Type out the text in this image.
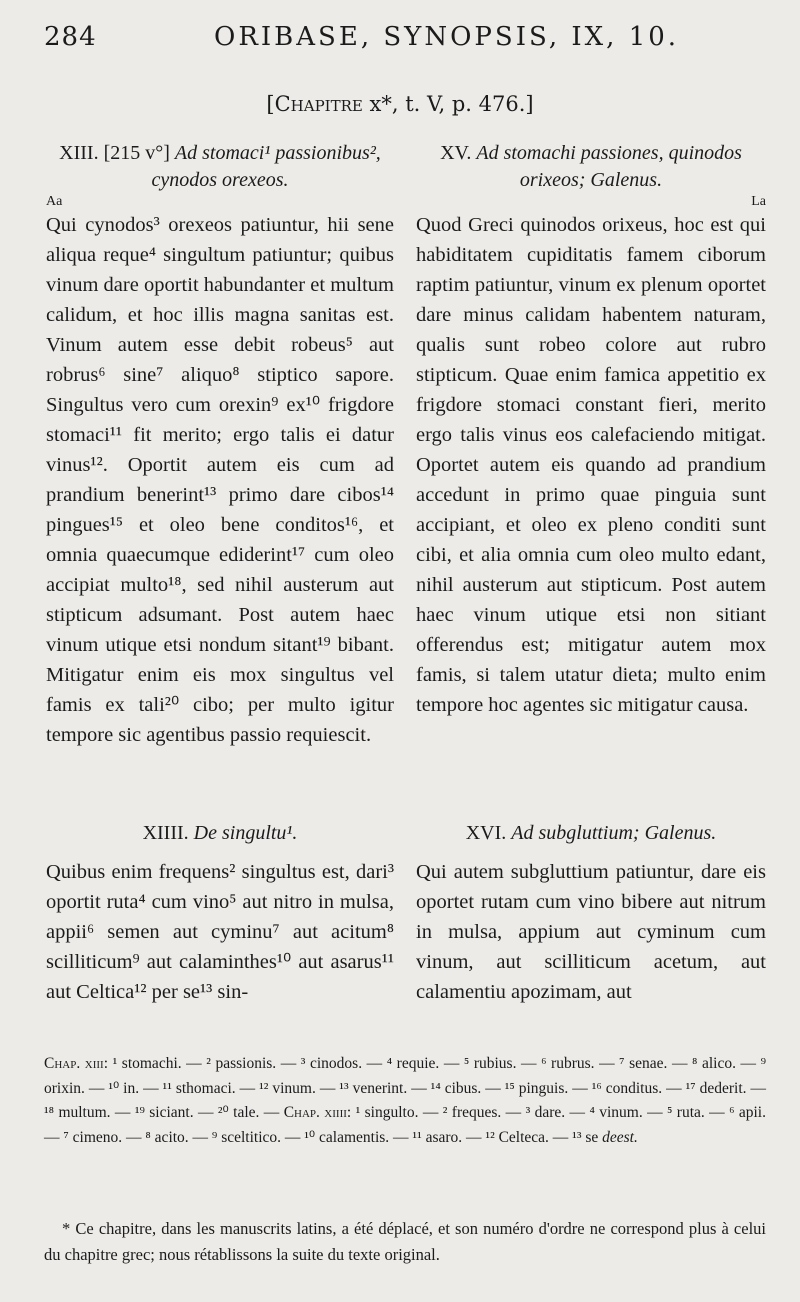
284	ORIBASE, SYNOPSIS, IX, 10.
[Chapitre x*, t. V, p. 476.]
XIII. [215 v°] Ad stomaci¹ passionibus², cynodos orexeos.
Aa

Qui cynodos³ orexeos patiuntur, hii sene aliqua reque⁴ singultum patiuntur; quibus vinum dare oportit habundanter et multum calidum, et hoc illis magna sanitas est. Vinum autem esse debit robeus⁵ aut robrus⁶ sine⁷ aliquo⁸ stiptico sapore. Singultus vero cum orexin⁹ ex¹⁰ frigdore stomaci¹¹ fit merito; ergo talis ei datur vinus¹². Oportit autem eis cum ad prandium benerint¹³ primo dare cibos¹⁴ pingues¹⁵ et oleo bene conditos¹⁶, et omnia quaecumque ediderint¹⁷ cum oleo accipiat multo¹⁸, sed nihil austerum aut stipticum adsumant. Post autem haec vinum utique etsi nondum sitant¹⁹ bibant. Mitigatur enim eis mox singultus vel famis ex tali²⁰ cibo; per multo igitur tempore sic agentibus passio requiescit.

XIIII. De singultu¹.

Quibus enim frequens² singultus est, dari³ oportit ruta⁴ cum vino⁵ aut nitro in mulsa, appii⁶ semen aut cyminu⁷ aut acitum⁸ scilliticum⁹ aut calaminthes¹⁰ aut asarus¹¹ aut Celtica¹² per se¹³ sin-

XV. Ad stomachi passiones, quinodos orixeos; Galenus.
La

Quod Greci quinodos orixeus, hoc est qui habiditatem cupiditatis famem ciborum raptim patiuntur, vinum ex plenum oportet dare minus calidam habentem naturam, qualis sunt robeo colore aut rubro stipticum. Quae enim famica appetitio ex frigdore stomaci constant fieri, merito ergo talis vinus eos calefaciendo mitigat. Oportet autem eis quando ad prandium accedunt in primo quae pinguia sunt accipiant, et oleo ex pleno conditi sunt cibi, et alia omnia cum oleo multo edant, nihil austerum aut stipticum. Post autem haec vinum utique etsi non sitiant offerendus est; mitigatur autem mox famis, si talem utatur dieta; multo enim tempore hoc agentes sic mitigatur causa.

XVI. Ad subgluttium; Galenus.

Qui autem subgluttium patiuntur, dare eis oportet rutam cum vino bibere aut nitrum in mulsa, appium aut cyminum cum vinum, aut scilliticum acetum, aut calamentiu apozimam, aut

Chap. xiii: ¹ stomachi. — ² passionis. — ³ cinodos. — ⁴ requie. — ⁵ rubius. — ⁶ rubrus. — ⁷ senae. — ⁸ alico. — ⁹ orixin. — ¹⁰ in. — ¹¹ sthomaci. — ¹² vinum. — ¹³ venerint. — ¹⁴ cibus. — ¹⁵ pinguis. — ¹⁶ conditus. — ¹⁷ dederit. — ¹⁸ multum. — ¹⁹ siciant. — ²⁰ tale. — Chap. xiiii: ¹ singulto. — ² freques. — ³ dare. — ⁴ vinum. — ⁵ ruta. — ⁶ apii. — ⁷ cimeno. — ⁸ acito. — ⁹ sceltitico. — ¹⁰ calamentis. — ¹¹ asaro. — ¹² Celteca. — ¹³ se deest.
* Ce chapitre, dans les manuscrits latins, a été déplacé, et son numéro d'ordre ne correspond plus à celui du chapitre grec; nous rétablissons la suite du texte original.
